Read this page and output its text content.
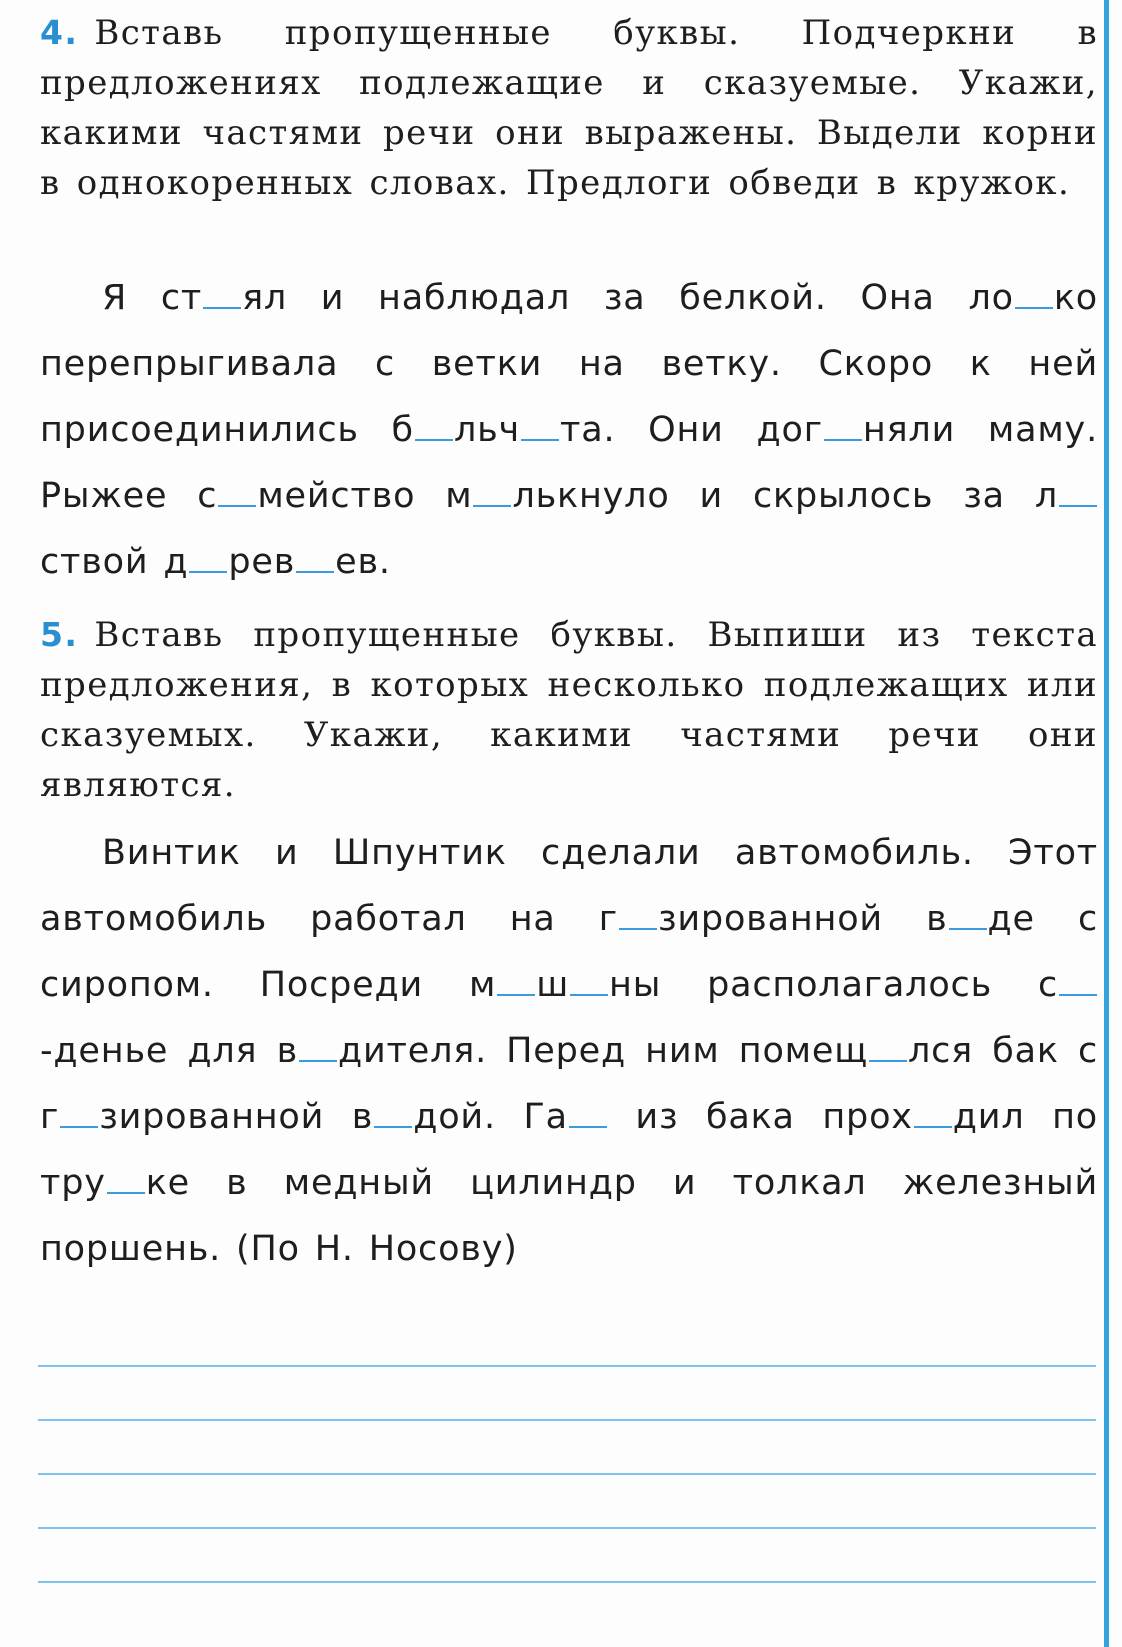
4. Вставь пропущенные буквы. Подчеркни в предложениях подлежащие и сказуемые. Укажи, какими частями речи они выражены. Выдели корни в однокоренных словах. Предлоги обведи в кружок.
Я ст ял и наблюдал за белкой. Она ло ко перепрыгивала с ветки на ветку. Скоро к ней присоединились б льч та. Они дог няли маму. Рыжее с мейство м лькнуло и скрылось за лствой д рев ев.
5. Вставь пропущенные буквы. Выпиши из текста предложения, в которых несколько подлежащих или сказуемых. Укажи, какими частями речи они являются.
Винтик и Шпунтик сделали автомобиль. Этот автомобиль работал на г зированной в де с сиропом. Посреди м ш ны располагалось с-денье для в дителя. Перед ним помещ лся бак с г зированной в дой. Га из бака прох дил по тру ке в медный цилиндр и толкал железный поршень. (По Н. Носову)
